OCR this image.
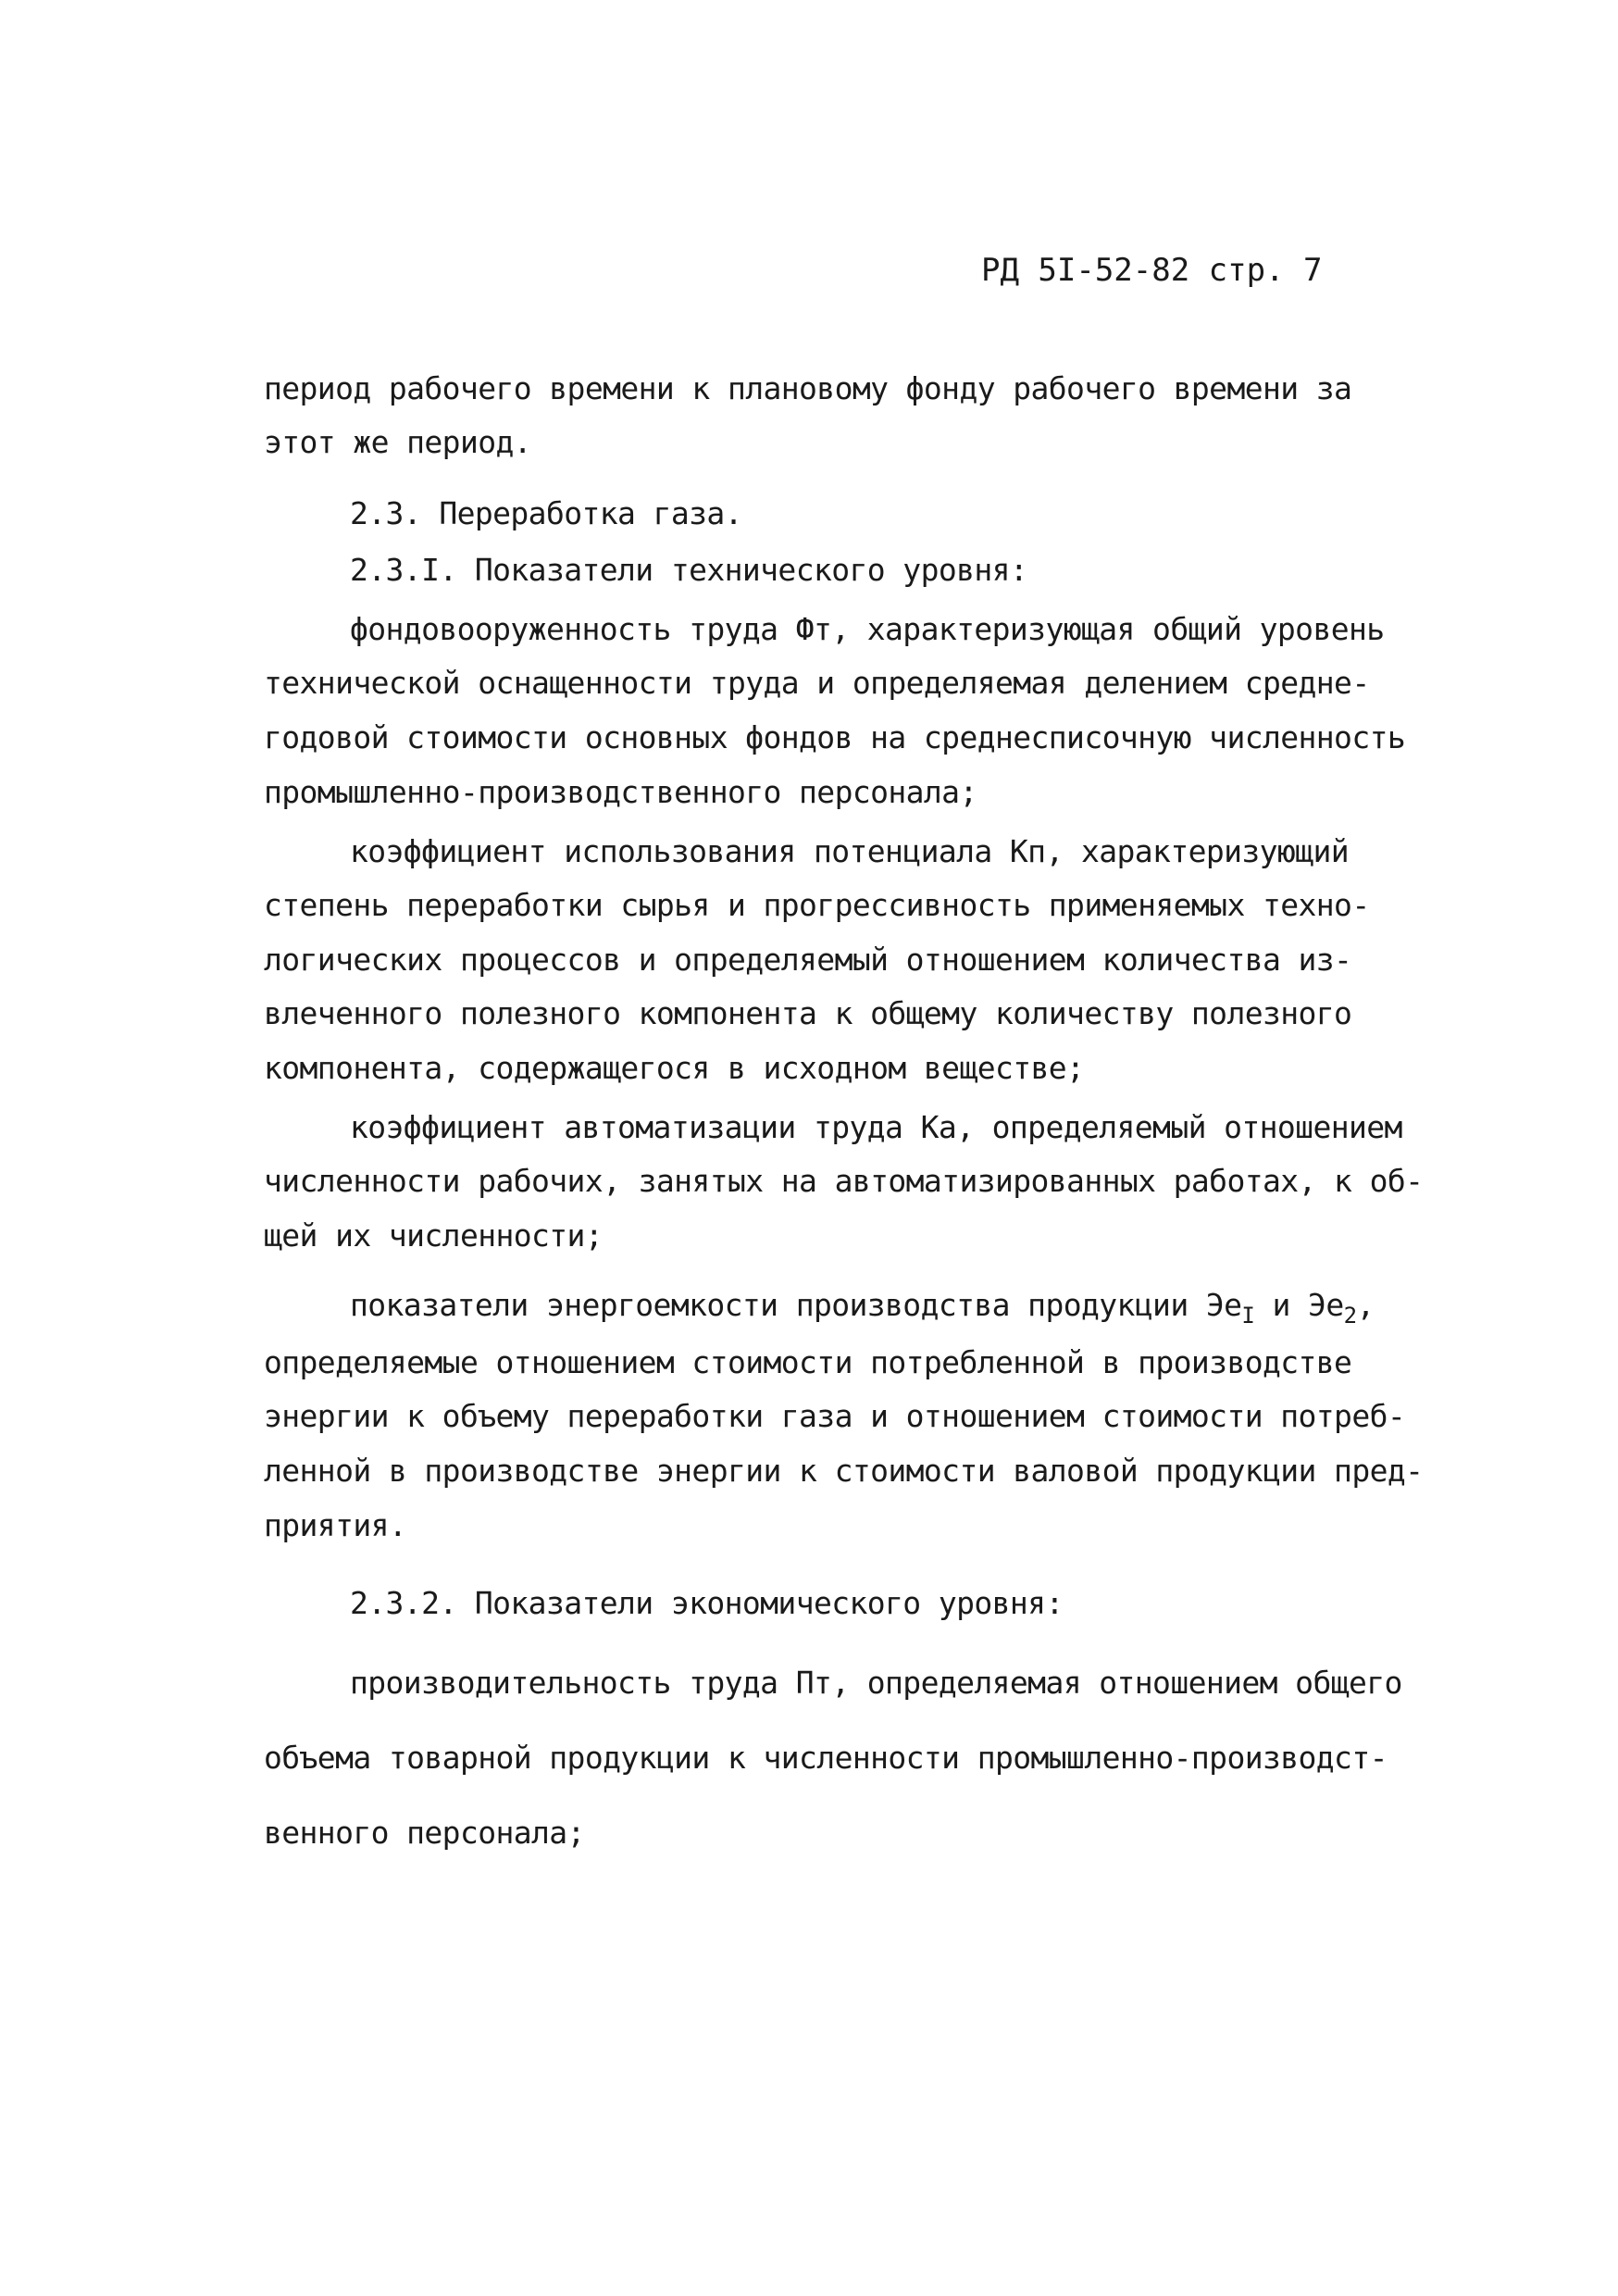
РД 5I-52-82 стр. 7
период рабочего времени к плановому фонду рабочего времени за
этот же период.
2.3. Переработка газа.
2.3.I. Показатели технического уровня:
фондовооруженность труда Фт, характеризующая общий уровень
технической оснащенности труда и определяемая делением средне-
годовой стоимости основных фондов на среднесписочную численность
промышленно-производственного персонала;
коэффициент использования потенциала Кп, характеризующий
степень переработки сырья и прогрессивность применяемых техно-
логических процессов и определяемый отношением количества из-
влеченного полезного компонента к общему количеству полезного
компонента, содержащегося в исходном веществе;
коэффициент автоматизации труда Ка, определяемый отношением
численности рабочих, занятых на автоматизированных работах, к об-
щей их численности;
показатели энергоемкости производства продукции $Эе_I$ и $Эе_2$,
определяемые отношением стоимости потребленной в производстве
энергии к объему переработки газа и отношением стоимости потреб-
ленной в производстве энергии к стоимости валовой продукции пред-
приятия.
2.3.2. Показатели экономического уровня:
производительность труда Пт, определяемая отношением общего
объема товарной продукции к численности промышленно-производст-
венного персонала;
